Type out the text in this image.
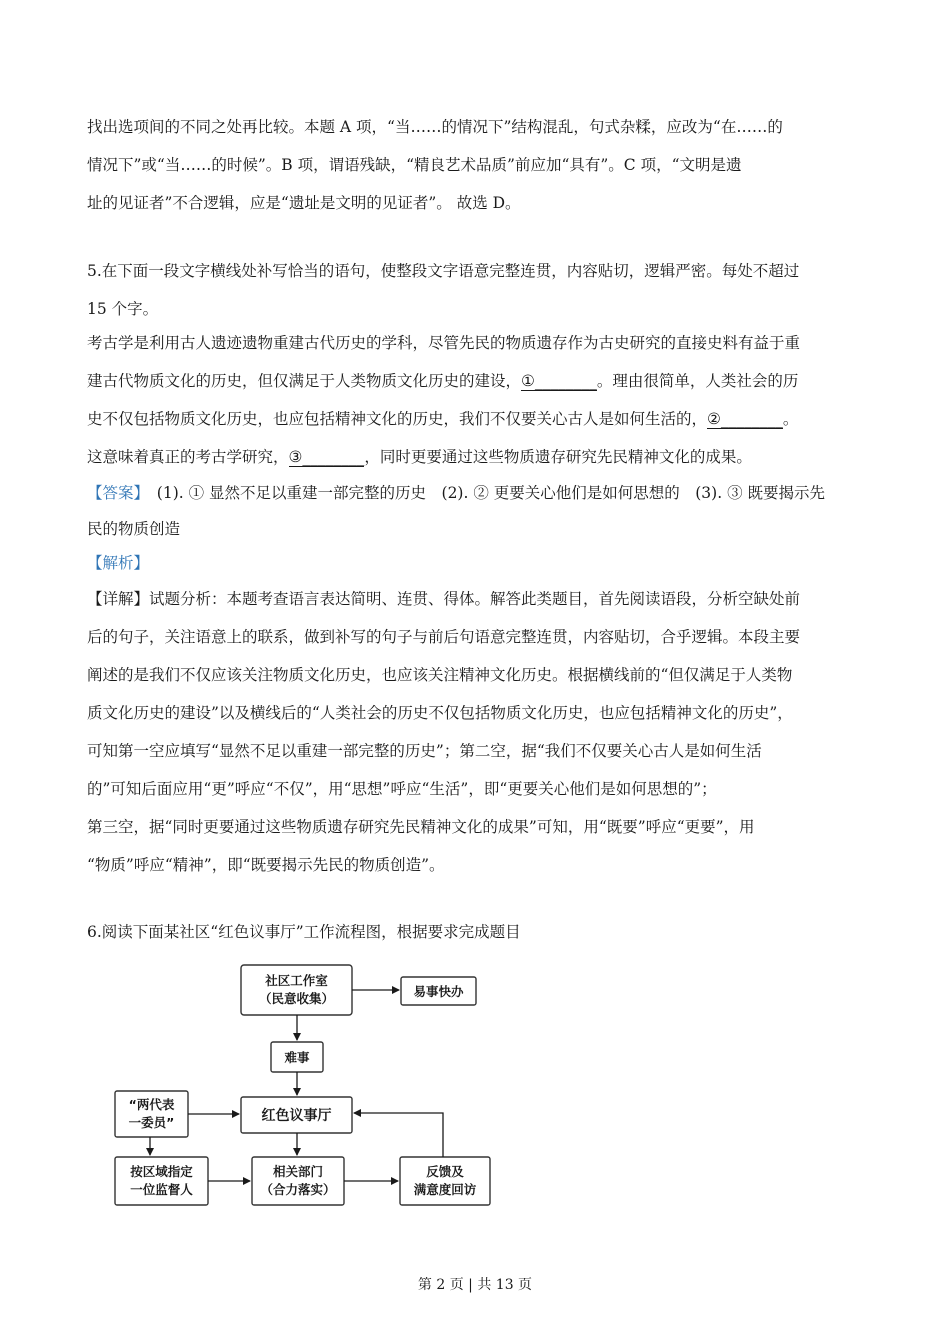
找出选项间的不同之处再比较。本题 A 项，“当……的情况下”结构混乱，句式杂糅，应改为“在……的
情况下”或“当……的时候”。B 项，谓语残缺，“精良艺术品质”前应加“具有”。C 项，“文明是遗
址的见证者”不合逻辑，应是“遗址是文明的见证者”。 故选 D。
5.在下面一段文字横线处补写恰当的语句，使整段文字语意完整连贯，内容贴切，逻辑严密。每处不超过
15 个字。
考古学是利用古人遗迹遗物重建古代历史的学科，尽管先民的物质遗存作为古史研究的直接史料有益于重
建古代物质文化的历史，但仅满足于人类物质文化历史的建设，①________。理由很简单，人类社会的历
史不仅包括物质文化历史，也应包括精神文化的历史，我们不仅要关心古人是如何生活的，②________。
这意味着真正的考古学研究，③________，同时更要通过这些物质遗存研究先民精神文化的成果。
【答案】　 (1). ① 显然不足以重建一部完整的历史　(2). ② 更要关心他们是如何思想的　(3). ③ 既要揭示先
民的物质创造
【解析】
【详解】试题分析：本题考查语言表达简明、连贯、得体。解答此类题目，首先阅读语段，分析空缺处前
后的句子，关注语意上的联系，做到补写的句子与前后句语意完整连贯，内容贴切，合乎逻辑。本段主要
阐述的是我们不仅应该关注物质文化历史，也应该关注精神文化历史。根据横线前的“但仅满足于人类物
质文化历史的建设”以及横线后的“人类社会的历史不仅包括物质文化历史，也应包括精神文化的历史”，
可知第一空应填写“显然不足以重建一部完整的历史”；第二空，据“我们不仅要关心古人是如何生活
的”可知后面应用“更”呼应“不仅”，用“思想”呼应“生活”，即“更要关心他们是如何思想的”；
第三空，据“同时更要通过这些物质遗存研究先民精神文化的成果”可知，用“既要”呼应“更要”，用
“物质”呼应“精神”，即“既要揭示先民的物质创造”。
6.阅读下面某社区“红色议事厅”工作流程图，根据要求完成题目
社区工作室
（民意收集）	易事快办
难事
“两代表
一委员”	红色议事厅
按区域指定
一位监督人
相关部门
（合力落实）
反馈及
满意度回访
第 2 页 | 共 13 页
